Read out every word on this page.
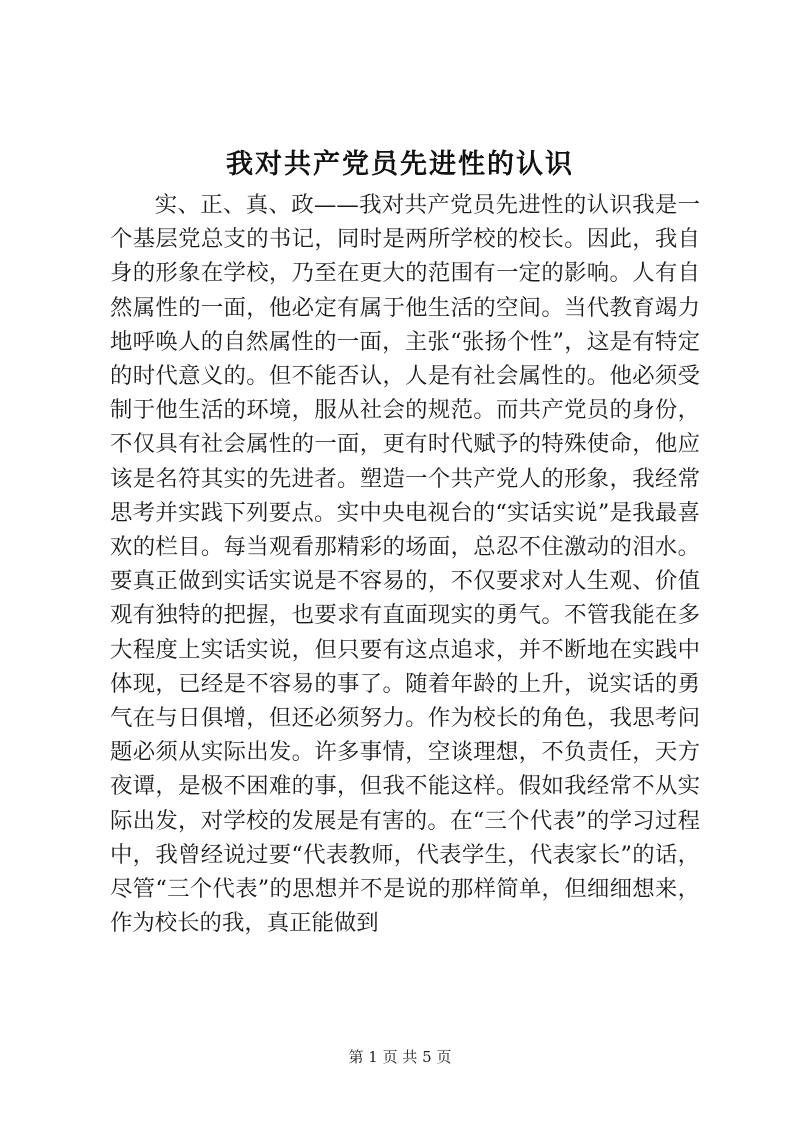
我对共产党员先进性的认识

实、正、真、政——我对共产党员先进性的认识我是一个基层党总支的书记，同时是两所学校的校长。因此，我自身的形象在学校，乃至在更大的范围有一定的影响。人有自然属性的一面，他必定有属于他生活的空间。当代教育竭力地呼唤人的自然属性的一面，主张“张扬个性”，这是有特定的时代意义的。但不能否认，人是有社会属性的。他必须受制于他生活的环境，服从社会的规范。而共产党员的身份，不仅具有社会属性的一面，更有时代赋予的特殊使命，他应该是名符其实的先进者。塑造一个共产党人的形象，我经常思考并实践下列要点。实中央电视台的“实话实说”是我最喜欢的栏目。每当观看那精彩的场面，总忍不住激动的泪水。要真正做到实话实说是不容易的，不仅要求对人生观、价值观有独特的把握，也要求有直面现实的勇气。不管我能在多大程度上实话实说，但只要有这点追求，并不断地在实践中体现，已经是不容易的事了。随着年龄的上升，说实话的勇气在与日俱增，但还必须努力。作为校长的角色，我思考问题必须从实际出发。许多事情，空谈理想，不负责任，天方夜谭，是极不困难的事，但我不能这样。假如我经常不从实际出发，对学校的发展是有害的。在“三个代表”的学习过程中，我曾经说过要“代表教师，代表学生，代表家长”的话，尽管“三个代表”的思想并不是说的那样简单，但细细想来，作为校长的我，真正能做到

第 1 页 共 5 页
